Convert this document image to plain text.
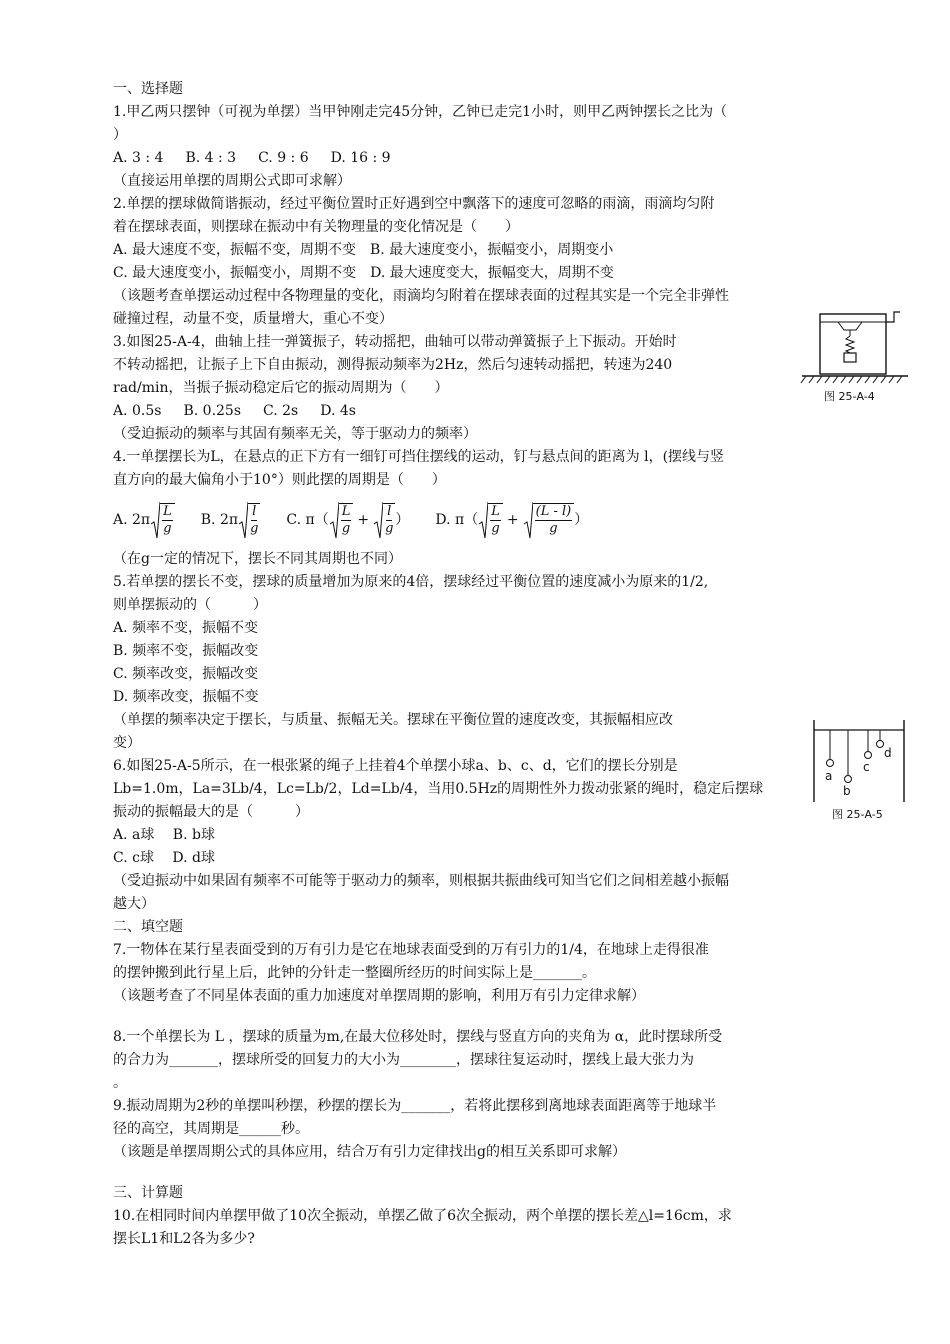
一、选择题
1.甲乙两只摆钟（可视为单摆）当甲钟刚走完45分钟，乙钟已走完1小时，则甲乙两钟摆长之比为（
）
A. 3 : 4 B. 4 : 3 C. 9 : 6 D. 16 : 9
（直接运用单摆的周期公式即可求解）
2.单摆的摆球做简谐振动，经过平衡位置时正好遇到空中飘落下的速度可忽略的雨滴，雨滴均匀附
着在摆球表面，则摆球在振动中有关物理量的变化情况是（　　）
A. 最大速度不变，振幅不变，周期不变　B. 最大速度变小，振幅变小，周期变小
C. 最大速度变小，振幅变小，周期不变　D. 最大速度变大，振幅变大，周期不变
（该题考查单摆运动过程中各物理量的变化，雨滴均匀附着在摆球表面的过程其实是一个完全非弹性
碰撞过程，动量不变，质量增大，重心不变）
3.如图25-A-4，曲轴上挂一弹簧振子，转动摇把，曲轴可以带动弹簧振子上下振动。开始时
不转动摇把，让振子上下自由振动，测得振动频率为2Hz，然后匀速转动摇把，转速为240
rad/min，当振子振动稳定后它的振动周期为（　　）
A. 0.5s B. 0.25s C. 2s D. 4s
（受迫振动的频率与其固有频率无关，等于驱动力的频率）
4.一单摆摆长为L，在悬点的正下方有一细钉可挡住摆线的运动，钉与悬点间的距离为 l，(摆线与竖
直方向的最大偏角小于10°）则此摆的周期是（　　）
A. $2\pi \frac{L}{g} B$. $2\pi \frac{l}{g} C$. $\pi( \frac{L}{g} + \frac{l}{g}$ ） D. $\pi( \frac{L}{g} + \frac{(L - l)}{g}$ ）
（在g一定的情况下，摆长不同其周期也不同）
5.若单摆的摆长不变，摆球的质量增加为原来的4倍，摆球经过平衡位置的速度减小为原来的1/2,
则单摆振动的（　　　）
A. 频率不变，振幅不变
B. 频率不变，振幅改变
C. 频率改变，振幅改变
D. 频率改变，振幅不变
（单摆的频率决定于摆长，与质量、振幅无关。摆球在平衡位置的速度改变，其振幅相应改
变）
6.如图25-A-5所示，在一根张紧的绳子上挂着4个单摆小球a、b、c、d，它们的摆长分别是
Lb=1.0m，La=3Lb/4，Lc=Lb/2，Ld=Lb/4，当用0.5Hz的周期性外力拨动张紧的绳时，稳定后摆球
振动的振幅最大的是（　　　）
A. a球　 B. b球
C. c球　 D. d球
（受迫振动中如果固有频率不可能等于驱动力的频率，则根据共振曲线可知当它们之间相差越小振幅
越大）
二、填空题
7.一物体在某行星表面受到的万有引力是它在地球表面受到的万有引力的1/4，在地球上走得很准
的摆钟搬到此行星上后，此钟的分针走一整圈所经历的时间实际上是_______。
（该题考查了不同星体表面的重力加速度对单摆周期的影响，利用万有引力定律求解）
8.一个单摆长为 L ，摆球的质量为m,在最大位移处时，摆线与竖直方向的夹角为 α，此时摆球所受
的合力为_______，摆球所受的回复力的大小为________，摆球往复运动时，摆线上最大张力为
。
9.振动周期为2秒的单摆叫秒摆，秒摆的摆长为_______，若将此摆移到离地球表面距离等于地球半
径的高空，其周期是______秒。
（该题是单摆周期公式的具体应用，结合万有引力定律找出g的相互关系即可求解）
三、计算题
10.在相同时间内单摆甲做了10次全振动，单摆乙做了6次全振动，两个单摆的摆长差△l=16cm，求
摆长L1和L2各为多少?
图 25-A-4
a
b
c
d
图 25-A-5
